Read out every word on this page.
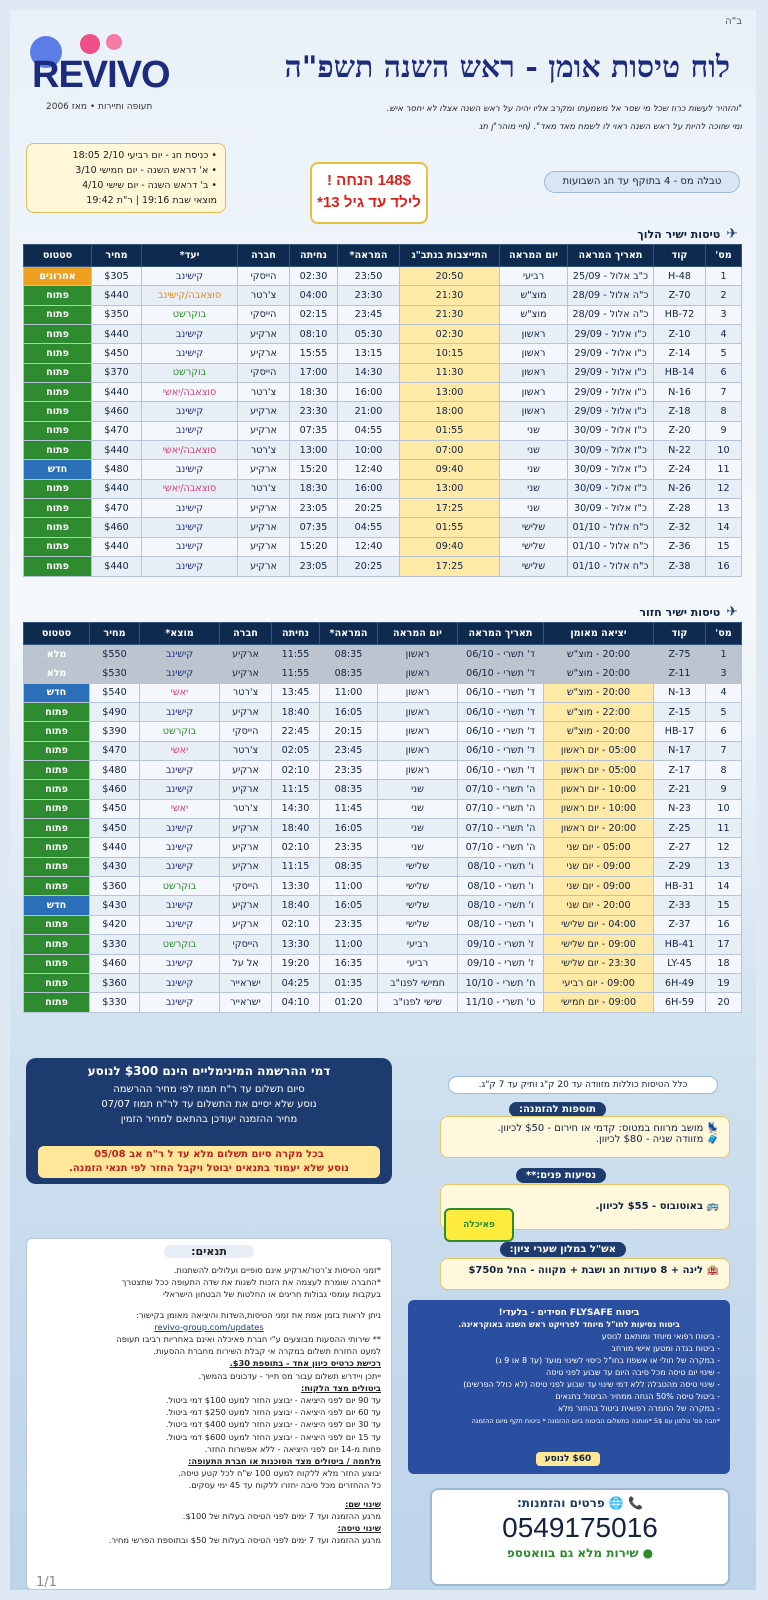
ב"ה
REVIVO
תעופה ותיירות • מאז 2006
לוח טיסות אומן - ראש השנה תשפ"ה
"והזהיר לעשות כרוז שכל מי שסר אל משמעתו ומקרב אליו יהיה על ראש השנה אצלו לא יחסר איש.
ומי שזוכה להיות על ראש השנה ראוי לו לשמח מאד מאד". (חיי מוהר"ן תנ
• כניסת חג - יום רביעי 2/10 18:05
• א' דראש השנה - יום חמישי 3/10
• ב' דראש השנה - יום שישי 4/10
מוצאי שבת 19:16 | ר"ת 19:42
148$ הנחה !
לילד עד גיל 13*
טבלה מס - 4 בתוקף עד חג השבועות
✈
טיסות ישיר הלוך
מס'	קוד	תאריך המראה	יום המראה	התייצבות בנתב"ג	המראה*	נחיתה	חברה	יעד*	מחיר	סטטוס
1	H-48	כ"ב אלול - 25/09	רביעי	20:50	23:50	02:30	הייסקי	קישינב	$305	אחרונים
2	Z-70	כ"ה אלול - 28/09	מוצ"ש	21:30	23:30	04:00	צ'רטר	סוצאבה/קישינב	$440	פתוח
3	HB-72	כ"ה אלול - 28/09	מוצ"ש	21:30	23:45	02:15	הייסקי	בוקרשט	$350	פתוח
4	Z-10	כ"ו אלול - 29/09	ראשון	02:30	05:30	08:10	ארקיע	קישינב	$440	פתוח
5	Z-14	כ"ו אלול - 29/09	ראשון	10:15	13:15	15:55	ארקיע	קישינב	$450	פתוח
6	HB-14	כ"ו אלול - 29/09	ראשון	11:30	14:30	17:00	הייסקי	בוקרשט	$370	פתוח
7	N-16	כ"ו אלול - 29/09	ראשון	13:00	16:00	18:30	צ'רטר	סוצאבה/יאשי	$440	פתוח
8	Z-18	כ"ו אלול - 29/09	ראשון	18:00	21:00	23:30	ארקיע	קישינב	$460	פתוח
9	Z-20	כ"ז אלול - 30/09	שני	01:55	04:55	07:35	ארקיע	קישינב	$470	פתוח
10	N-22	כ"ז אלול - 30/09	שני	07:00	10:00	13:00	צ'רטר	סוצאבה/יאשי	$440	פתוח
11	Z-24	כ"ז אלול - 30/09	שני	09:40	12:40	15:20	ארקיע	קישינב	$480	חדש
12	N-26	כ"ז אלול - 30/09	שני	13:00	16:00	18:30	צ'רטר	סוצאבה/יאשי	$440	פתוח
13	Z-28	כ"ז אלול - 30/09	שני	17:25	20:25	23:05	ארקיע	קישינב	$470	פתוח
14	Z-32	כ"ח אלול - 01/10	שלישי	01:55	04:55	07:35	ארקיע	קישינב	$460	פתוח
15	Z-36	כ"ח אלול - 01/10	שלישי	09:40	12:40	15:20	ארקיע	קישינב	$440	פתוח
16	Z-38	כ"ח אלול - 01/10	שלישי	17:25	20:25	23:05	ארקיע	קישינב	$440	פתוח
✈
טיסות ישיר חזור
מס'	קוד	יציאה מאומן	תאריך המראה	יום המראה	המראה*	נחיתה	חברה	מוצא*	מחיר	סטטוס
1	Z-75	20:00 - מוצ"ש	ד' תשרי - 06/10	ראשון	08:35	11:55	ארקיע	קישינב	$550	מלא
3	Z-11	20:00 - מוצ"ש	ד' תשרי - 06/10	ראשון	08:35	11:55	ארקיע	קישינב	$530	מלא
4	N-13	20:00 - מוצ"ש	ד' תשרי - 06/10	ראשון	11:00	13:45	צ'רטר	יאשי	$540	חדש
5	Z-15	22:00 - מוצ"ש	ד' תשרי - 06/10	ראשון	16:05	18:40	ארקיע	קישינב	$490	פתוח
6	HB-17	20:00 - מוצ"ש	ד' תשרי - 06/10	ראשון	20:15	22:45	הייסקי	בוקרשט	$390	פתוח
7	N-17	05:00 - יום ראשון	ד' תשרי - 06/10	ראשון	23:45	02:05	צ'רטר	יאשי	$470	פתוח
8	Z-17	05:00 - יום ראשון	ד' תשרי - 06/10	ראשון	23:35	02:10	ארקיע	קישינב	$480	פתוח
9	Z-21	10:00 - יום ראשון	ה' תשרי - 07/10	שני	08:35	11:15	ארקיע	קישינב	$460	פתוח
10	N-23	10:00 - יום ראשון	ה' תשרי - 07/10	שני	11:45	14:30	צ'רטר	יאשי	$450	פתוח
11	Z-25	20:00 - יום ראשון	ה' תשרי - 07/10	שני	16:05	18:40	ארקיע	קישינב	$450	פתוח
12	Z-27	05:00 - יום שני	ה' תשרי - 07/10	שני	23:35	02:10	ארקיע	קישינב	$440	פתוח
13	Z-29	09:00 - יום שני	ו' תשרי - 08/10	שלישי	08:35	11:15	ארקיע	קישינב	$430	פתוח
14	HB-31	09:00 - יום שני	ו' תשרי - 08/10	שלישי	11:00	13:30	הייסקי	בוקרשט	$360	פתוח
15	Z-33	20:00 - יום שני	ו' תשרי - 08/10	שלישי	16:05	18:40	ארקיע	קישינב	$430	חדש
16	Z-37	04:00 - יום שלישי	ו' תשרי - 08/10	שלישי	23:35	02:10	ארקיע	קישינב	$420	פתוח
17	HB-41	09:00 - יום שלישי	ז' תשרי - 09/10	רביעי	11:00	13:30	הייסקי	בוקרשט	$330	פתוח
18	LY-45	23:30 - יום שלישי	ז' תשרי - 09/10	רביעי	16:35	19:20	אל על	קישינב	$460	פתוח
19	6H-49	09:00 - יום רביעי	ח' תשרי - 10/10	חמישי לפנו"ב	01:35	04:25	ישראייר	קישינב	$360	פתוח
20	6H-59	09:00 - יום חמישי	ט' תשרי - 11/10	שישי לפנו"ב	01:20	04:10	ישראייר	קישינב	$330	פתוח
דמי ההרשמה המינימליים הינם $300 לנוסע
סיום תשלום עד ר"ח תמוז לפי מחיר ההרשמה
נוסע שלא יסיים את התשלום עד לר"ח תמוז 07/07
מחיר ההזמנה יעודכן בהתאם למחיר הזמין
בכל מקרה סיום תשלום מלא עד ל ר"ח אב 05/08
נוסע שלא יעמוד בתנאים יבוטל ויקבל החזר לפי תנאי הזמנה.
כלל הטיסות כוללות מזוודה עד 20 ק"ג ותיק עד 7 ק"ג.
תוספות להזמנה:
💺 מושב מרווח במטוס: קדמי או חירום - $50 לכיוון.
🧳 מזוודה שניה - $80 לכיוון.
נסיעות פנים:**
🚌 באוטובוס - $55 לכיוון.
פאיכלה
אש"ל במלון שערי ציון:
🏨 לינה + 8 סעודות חג ושבת + מקווה - החל מ$750
ביטוח FLYSAFE חסידים - בלעדי!
ביטוח נסיעות לחו"ל מיוחד לפרויקט ראש השנה באוקראינה.
- ביטוח רפואי מיוחד ומותאם לנוסע
- ביטוח בגדה ומטען אישי מורחב
- במקרה של חולי או אשפוז בחו"ל כיסוי לשינוי מועד (עד 8 או 9 ג)
- שינוי יום טיסה מכל סיבה היום עד שבוע לפני טיסה
- שינוי טיסה מהטבלה ללא דמי שינוי עד שבוע לפני טיסה (לא כולל הפרשים)
- ביטול טיסה 50% הנחה ממחיר הביטול בתנאים
- במקרה של החמרה רפואית ביטול בהחזר מלא
*חבה פס' טלפון עם 5$ *מותנה בתשלום הביטוח ביום ההזמנה * ביטוח תקף מיום ההזמנה
$60 לנוסע
תנאים:
*זמני הטיסות צ'רטר/ארקיע אינם סופיים ועלולים להשתנות.
*החברה שומרת לעצמה את הזכות לשנות את שדה התעופה ככל שתצטרך
בעקבות עומסי גבולות חריגים או החלטות של הבטחון הישראלי
ניתן לראות בזמן אמת את זמני הטיסות,השדות והיציאה מאומן בקישור:
revivo-group.com/updates
** שירותי ההסעות מבוצעים ע"י חברת פאיכלה ואינם באחריות רביבו תעופה
למעט החזרת תשלום במקרה אי קבלת השירות מחברת ההסעות.
רכישת כרטיס כיוון אחד - בתוספת $30.
ייתכן ויידרש תשלום עבור מס תייר - עדכונים בהמשך.
ביטולים מצד הלקוח:
עד 90 יום לפני היציאה - יבוצע החזר למעט $100 דמי ביטול.
עד 60 יום לפני היציאה - יבוצע החזר למעט $250 דמי ביטול.
עד 30 יום לפני היציאה - יבוצע החזר למעט $400 דמי ביטול.
עד 15 יום לפני היציאה - יבוצע החזר למעט $600 דמי ביטול.
פחות מ-14 יום לפני היציאה - ללא אפשרות החזר.
מלחמה / ביטולים מצד הסוכנות או חברת התעופה:
יבוצע החזר מלא ללקוח למעט 100 ש"ח לכל קטע טיסה.
כל ההחזרים מכל סיבה יחזרו ללקוח עד 45 ימי עסקים.
שינוי שם:
מרגע ההזמנה ועד 7 ימים לפני הטיסה בעלות של $100.
שינוי טיסה:
מרגע ההזמנה ועד 7 ימים לפני הטיסה בעלות של $50 ובתוספת הפרשי מחיר.
📞 🌐 פרטים והזמנות:
0549175016
● שירות מלא גם בוואטספ
1/1
